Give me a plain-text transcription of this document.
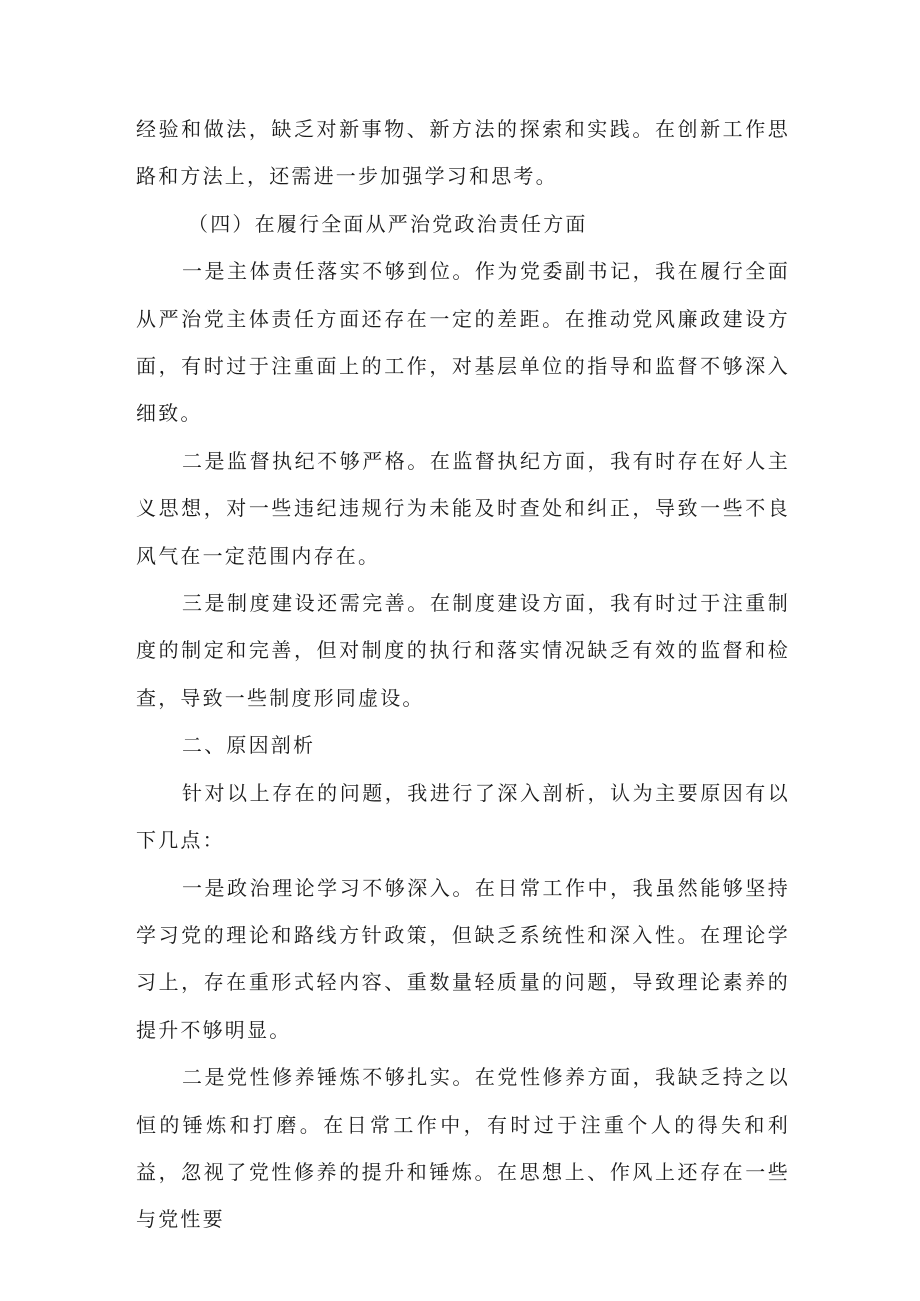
经验和做法，缺乏对新事物、新方法的探索和实践。在创新工作思路和方法上，还需进一步加强学习和思考。

（四）在履行全面从严治党政治责任方面

一是主体责任落实不够到位。作为党委副书记，我在履行全面从严治党主体责任方面还存在一定的差距。在推动党风廉政建设方面，有时过于注重面上的工作，对基层单位的指导和监督不够深入细致。

二是监督执纪不够严格。在监督执纪方面，我有时存在好人主义思想，对一些违纪违规行为未能及时查处和纠正，导致一些不良风气在一定范围内存在。

三是制度建设还需完善。在制度建设方面，我有时过于注重制度的制定和完善，但对制度的执行和落实情况缺乏有效的监督和检查，导致一些制度形同虚设。

二、原因剖析

针对以上存在的问题，我进行了深入剖析，认为主要原因有以下几点：

一是政治理论学习不够深入。在日常工作中，我虽然能够坚持学习党的理论和路线方针政策，但缺乏系统性和深入性。在理论学习上，存在重形式轻内容、重数量轻质量的问题，导致理论素养的提升不够明显。

二是党性修养锤炼不够扎实。在党性修养方面，我缺乏持之以恒的锤炼和打磨。在日常工作中，有时过于注重个人的得失和利益，忽视了党性修养的提升和锤炼。在思想上、作风上还存在一些与党性要
